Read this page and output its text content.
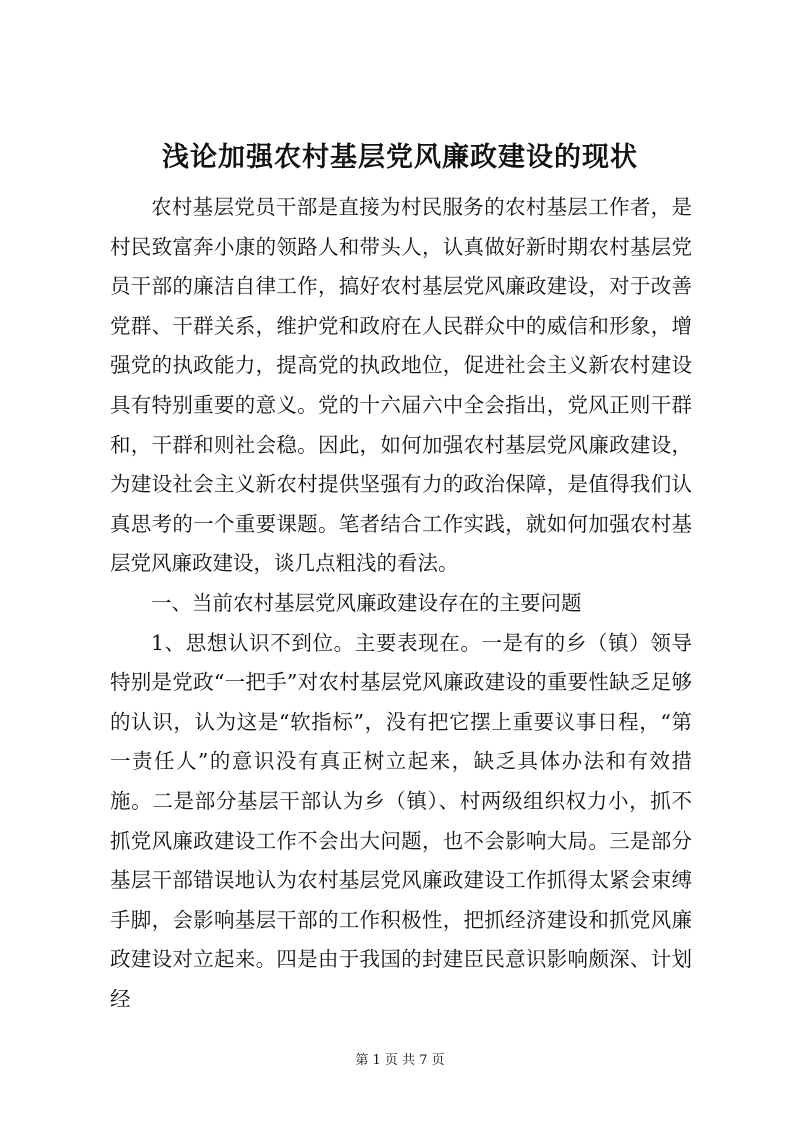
浅论加强农村基层党风廉政建设的现状

农村基层党员干部是直接为村民服务的农村基层工作者，是村民致富奔小康的领路人和带头人，认真做好新时期农村基层党员干部的廉洁自律工作，搞好农村基层党风廉政建设，对于改善党群、干群关系，维护党和政府在人民群众中的威信和形象，增强党的执政能力，提高党的执政地位，促进社会主义新农村建设具有特别重要的意义。党的十六届六中全会指出，党风正则干群和，干群和则社会稳。因此，如何加强农村基层党风廉政建设，为建设社会主义新农村提供坚强有力的政治保障，是值得我们认真思考的一个重要课题。笔者结合工作实践，就如何加强农村基层党风廉政建设，谈几点粗浅的看法。

一、当前农村基层党风廉政建设存在的主要问题

1、思想认识不到位。主要表现在。一是有的乡（镇）领导特别是党政“一把手”对农村基层党风廉政建设的重要性缺乏足够的认识，认为这是“软指标”，没有把它摆上重要议事日程，“第一责任人”的意识没有真正树立起来，缺乏具体办法和有效措施。二是部分基层干部认为乡（镇）、村两级组织权力小，抓不抓党风廉政建设工作不会出大问题，也不会影响大局。三是部分基层干部错误地认为农村基层党风廉政建设工作抓得太紧会束缚手脚，会影响基层干部的工作积极性，把抓经济建设和抓党风廉政建设对立起来。四是由于我国的封建臣民意识影响颇深、计划经

第 1 页 共 7 页
